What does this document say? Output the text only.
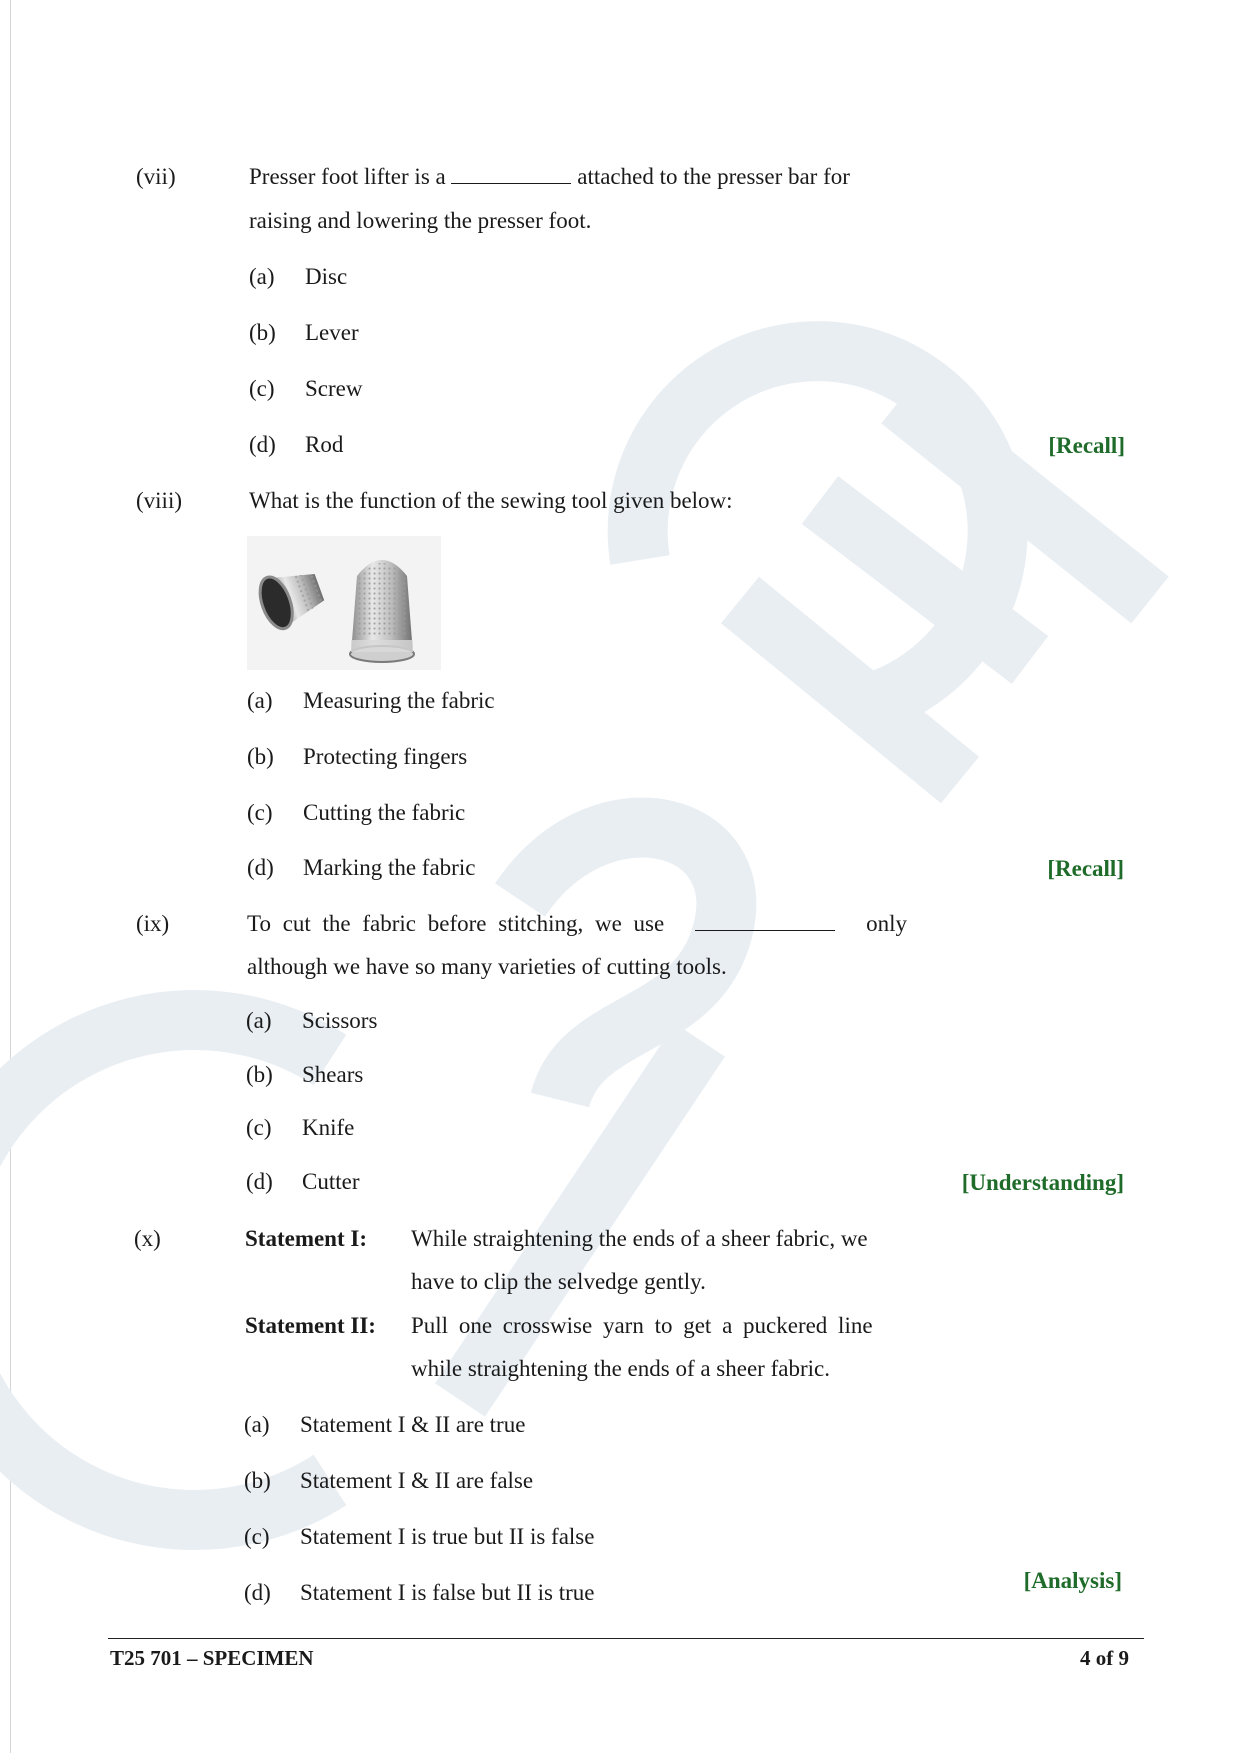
(vii)	Presser foot lifter is a	attached to the presser bar for
raising and lowering the presser foot.
(a) Disc
(b) Lever
(c) Screw
(d) Rod	[Recall]
(viii)	What is the function of the sewing tool given below:
(a) Measuring the fabric
(b) Protecting fingers
(c) Cutting the fabric
(d) Marking the fabric	[Recall]
(ix)	To cut the fabric before stitching, we use	only
although we have so many varieties of cutting tools.
(a) Scissors
(b) Shears
(c) Knife
(d) Cutter	[Understanding]
(x)	Statement I: While straightening the ends of a sheer fabric, we
have to clip the selvedge gently.
Statement II: Pull one crosswise yarn to get a puckered line
while straightening the ends of a sheer fabric.
(a) Statement I & II are true
(b) Statement I & II are false
(c) Statement I is true but II is false
(d) Statement I is false but II is true	[Analysis]
T25 701 – SPECIMEN	4 of 9
